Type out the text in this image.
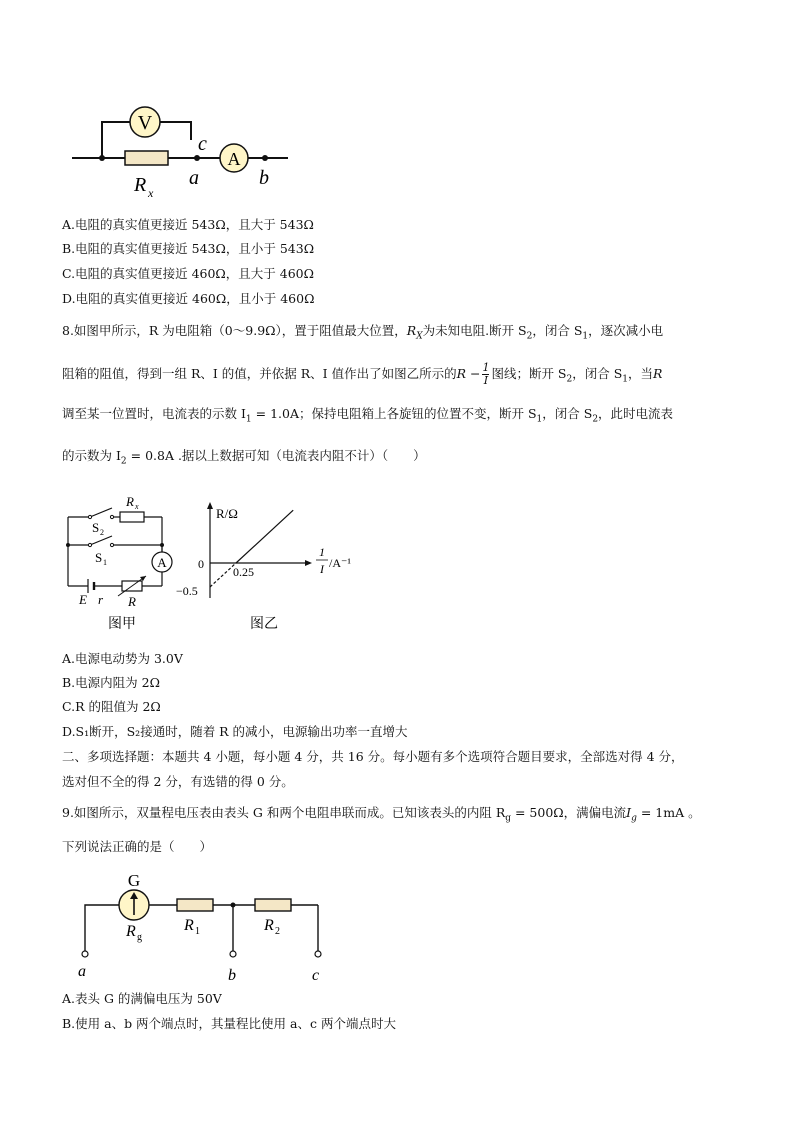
V
A
c
a	b
R x
A.电阻的真实值更接近 543Ω，且大于 543Ω
B.电阻的真实值更接近 543Ω，且小于 543Ω
C.电阻的真实值更接近 460Ω，且大于 460Ω
D.电阻的真实值更接近 460Ω，且小于 460Ω
8.如图甲所示，R 为电阻箱（0～9.9Ω），置于阻值最大位置，$R_X$为未知电阻.断开 $S_2$，闭合 $S_1$，逐次减小电
阻箱的阻值，得到一组 R、I 的值，并依据 R、I 值作出了如图乙所示的$R - \frac{1}{I}$ 图线；断开 $S_2$，闭合 $S_1$，当R
调至某一位置时，电流表的示数 $I_1 = 1.0A$；保持电阻箱上各旋钮的位置不变，断开 $S_1$，闭合 $S_2$，此时电流表
的示数为 $I_2 = 0.8A$ .据以上数据可知（电流表内阻不计）（　　）
A
R x
S 2
S 1
E r R
图甲
R/Ω
0
0.25
−0.5
1
I /A⁻¹
图乙
A.电源电动势为 3.0V
B.电源内阻为 2Ω
C.R 的阻值为 2Ω
D.S₁断开，S₂接通时，随着 R 的减小，电源输出功率一直增大
二、多项选择题：本题共 4 小题，每小题 4 分，共 16 分。每小题有多个选项符合题目要求，全部选对得 4 分，
选对但不全的得 2 分，有选错的得 0 分。
9.如图所示，双量程电压表由表头 G 和两个电阻串联而成。已知该表头的内阻 $R_g = 500\Omega$，满偏电流$I_g = 1mA$ 。
下列说法正确的是（　　）
G
R g
R 1	R 2
a	b	c
A.表头 G 的满偏电压为 50V
B.使用 a、b 两个端点时，其量程比使用 a、c 两个端点时大
